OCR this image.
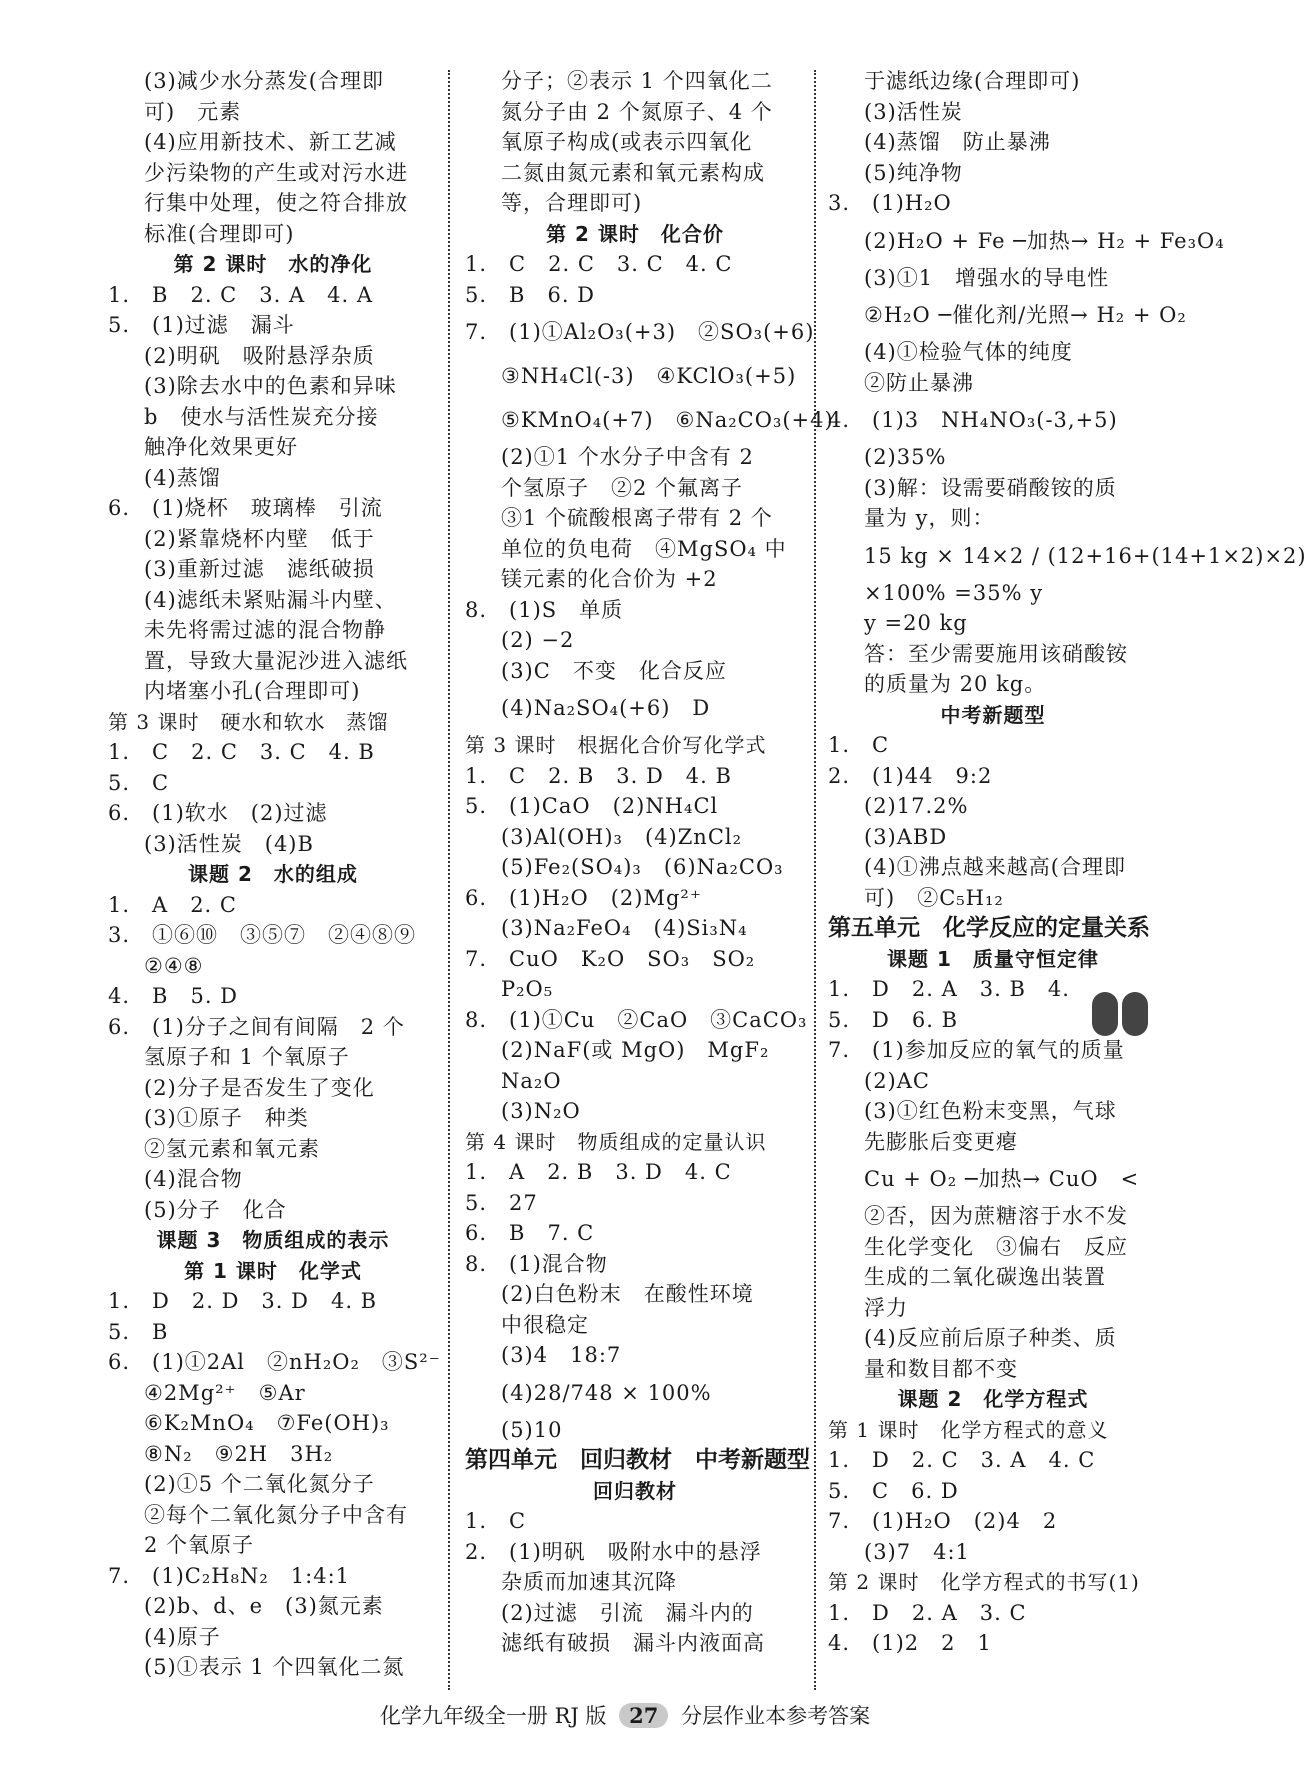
(3)减少水分蒸发(合理即
可)　元素
(4)应用新技术、新工艺减
少污染物的产生或对污水进
行集中处理，使之符合排放
标准(合理即可)
第 2 课时　水的净化
1.　B　2. C　3. A　4. A
5.　(1)过滤　漏斗
(2)明矾　吸附悬浮杂质
(3)除去水中的色素和异味
b　使水与活性炭充分接
触净化效果更好
(4)蒸馏
6.　(1)烧杯　玻璃棒　引流
(2)紧靠烧杯内壁　低于
(3)重新过滤　滤纸破损
(4)滤纸未紧贴漏斗内壁、
未先将需过滤的混合物静
置，导致大量泥沙进入滤纸
内堵塞小孔(合理即可)
第 3 课时　硬水和软水　蒸馏
1.　C　2. C　3. C　4. B
5.　C
6.　(1)软水　(2)过滤
(3)活性炭　(4)B
课题 2　水的组成
1.　A　2. C
3.　①⑥⑩　③⑤⑦　②④⑧⑨
②④⑧
4.　B　5. D
6.　(1)分子之间有间隔　2 个
氢原子和 1 个氧原子
(2)分子是否发生了变化
(3)①原子　种类
②氢元素和氧元素
(4)混合物
(5)分子　化合
课题 3　物质组成的表示
第 1 课时　化学式
1.　D　2. D　3. D　4. B
5.　B
6.　(1)①2Al　②nH₂O₂　③S²⁻
④2Mg²⁺　⑤Ar
⑥K₂MnO₄　⑦Fe(OH)₃
⑧N₂　⑨2H　3H₂
(2)①5 个二氧化氮分子
②每个二氧化氮分子中含有
2 个氧原子
7.　(1)C₂H₈N₂　1:4:1
(2)b、d、e　(3)氮元素
(4)原子
(5)①表示 1 个四氧化二氮
分子；②表示 1 个四氧化二
氮分子由 2 个氮原子、4 个
氧原子构成(或表示四氧化
二氮由氮元素和氧元素构成
等，合理即可)
第 2 课时　化合价
1.　C　2. C　3. C　4. C
5.　B　6. D
7.　(1)①Al₂O₃(+3)　②SO₃(+6)
③NH₄Cl(-3)　④KClO₃(+5)
⑤KMnO₄(+7)　⑥Na₂CO₃(+4)
(2)①1 个水分子中含有 2
个氢原子　②2 个氟离子
③1 个硫酸根离子带有 2 个
单位的负电荷　④MgSO₄ 中
镁元素的化合价为 +2
8.　(1)S　单质
(2) −2
(3)C　不变　化合反应
(4)Na₂SO₄(+6)　D
第 3 课时　根据化合价写化学式
1.　C　2. B　3. D　4. B
5.　(1)CaO　(2)NH₄Cl
(3)Al(OH)₃　(4)ZnCl₂
(5)Fe₂(SO₄)₃　(6)Na₂CO₃
6.　(1)H₂O　(2)Mg²⁺
(3)Na₂FeO₄　(4)Si₃N₄
7.　CuO　K₂O　SO₃　SO₂
P₂O₅
8.　(1)①Cu　②CaO　③CaCO₃
(2)NaF(或 MgO)　MgF₂
Na₂O
(3)N₂O
第 4 课时　物质组成的定量认识
1.　A　2. B　3. D　4. C
5.　27
6.　B　7. C
8.　(1)混合物
(2)白色粉末　在酸性环境
中很稳定
(3)4　18:7
(4)28/748 × 100%
(5)10
第四单元　回归教材　中考新题型
回归教材
1.　C
2.　(1)明矾　吸附水中的悬浮
杂质而加速其沉降
(2)过滤　引流　漏斗内的
滤纸有破损　漏斗内液面高
于滤纸边缘(合理即可)
(3)活性炭
(4)蒸馏　防止暴沸
(5)纯净物
3.　(1)H₂O
(2)H₂O + Fe ─加热→ H₂ + Fe₃O₄
(3)①1　增强水的导电性
②H₂O ─催化剂/光照→ H₂ + O₂
(4)①检验气体的纯度
②防止暴沸
4.　(1)3　NH₄NO₃(-3,+5)
(2)35%
(3)解：设需要硝酸铵的质
量为 y，则：
15 kg × 14×2 / (12+16+(14+1×2)×2)
×100% =35% y
y =20 kg
答：至少需要施用该硝酸铵
的质量为 20 kg。
中考新题型
1.　C
2.　(1)44　9:2
(2)17.2%
(3)ABD
(4)①沸点越来越高(合理即
可)　②C₅H₁₂
第五单元　化学反应的定量关系
课题 1　质量守恒定律
1.　D　2. A　3. B　4.
5.　D　6. B
7.　(1)参加反应的氧气的质量
(2)AC
(3)①红色粉末变黑，气球
先膨胀后变更瘪
Cu + O₂ ─加热→ CuO　<
②否，因为蔗糖溶于水不发
生化学变化　③偏右　反应
生成的二氧化碳逸出装置
浮力
(4)反应前后原子种类、质
量和数目都不变
课题 2　化学方程式
第 1 课时　化学方程式的意义
1.　D　2. C　3. A　4. C
5.　C　6. D
7.　(1)H₂O　(2)4　2
(3)7　4:1
第 2 课时　化学方程式的书写(1)
1.　D　2. A　3. C
4.　(1)2　2　1
化学九年级全一册 RJ 版 27 分层作业本参考答案
